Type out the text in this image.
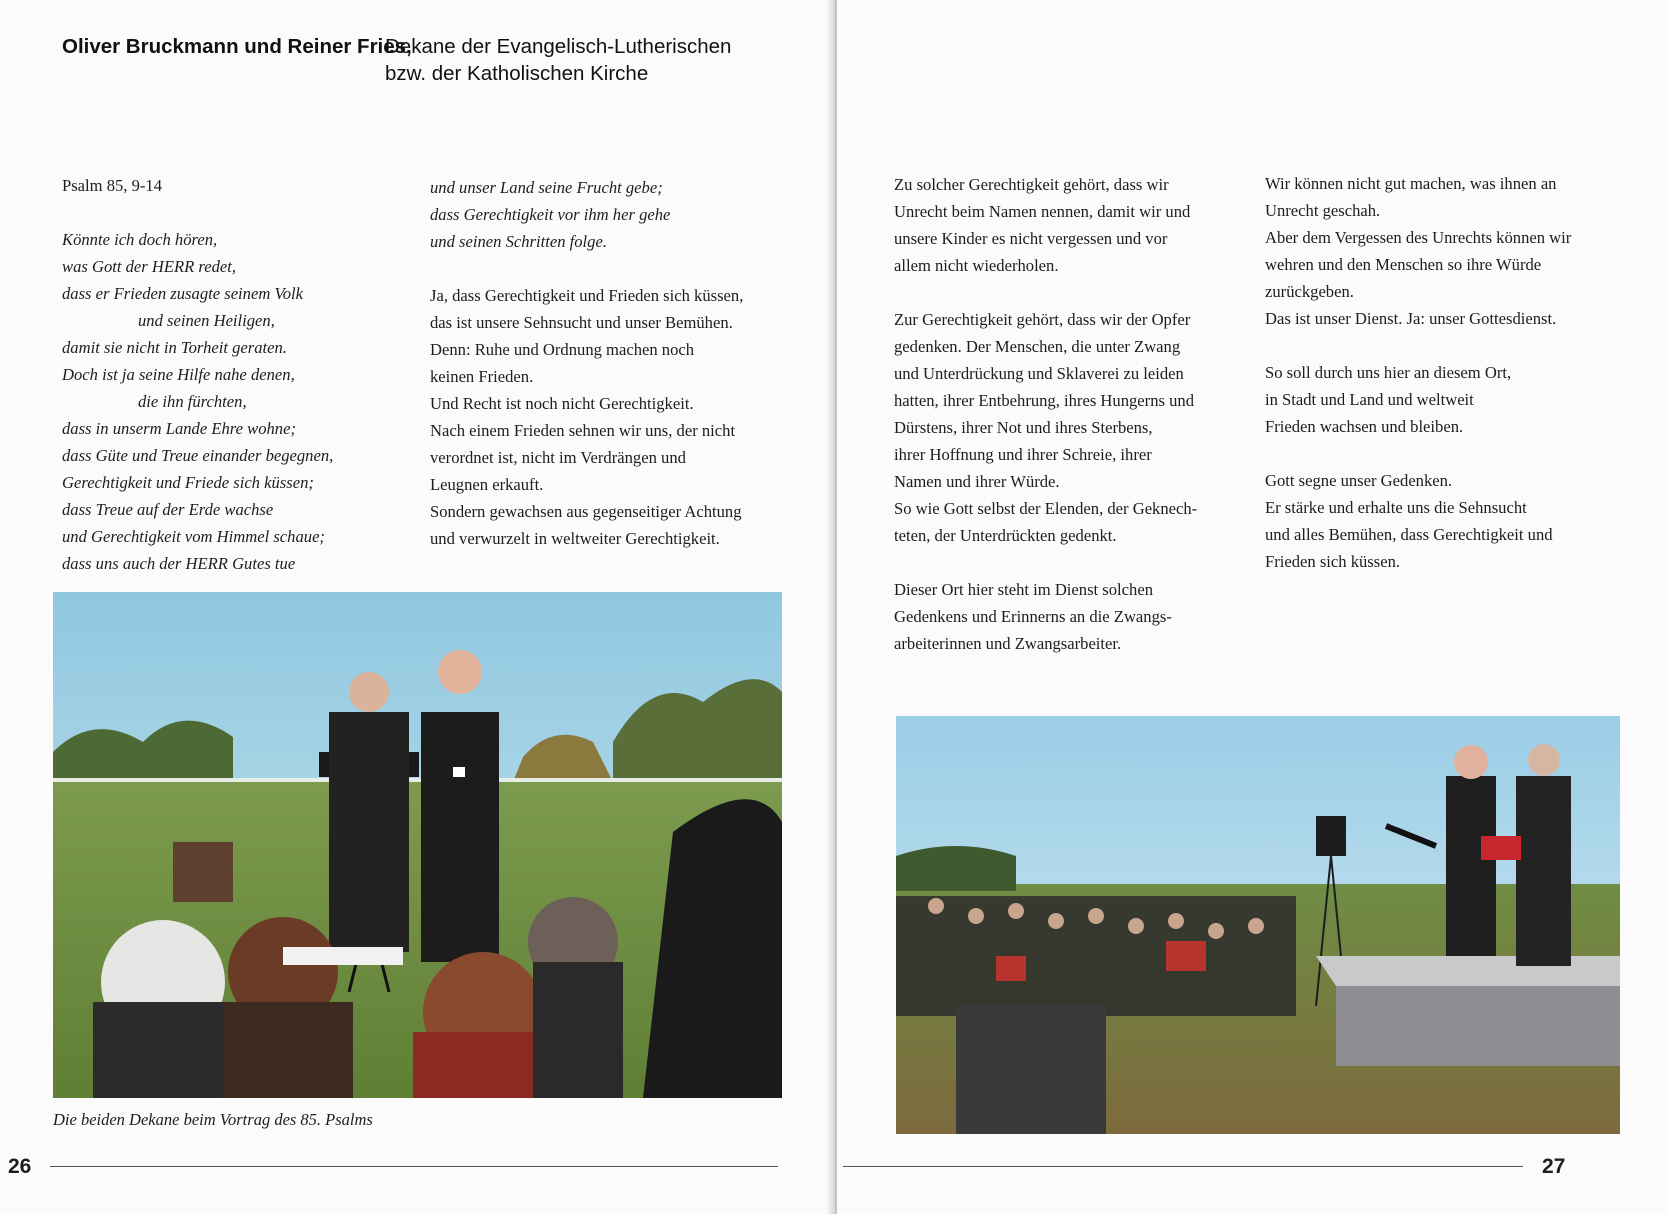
Oliver Bruckmann und Reiner Fries,
Dekane der Evangelisch-Lutherischen
bzw. der Katholischen Kirche
Psalm 85, 9-14
Könnte ich doch hören,
was Gott der HERR redet,
dass er Frieden zusagte seinem Volk
und seinen Heiligen,
damit sie nicht in Torheit geraten.
Doch ist ja seine Hilfe nahe denen,
die ihn fürchten,
dass in unserm Lande Ehre wohne;
dass Güte und Treue einander begegnen,
Gerechtigkeit und Friede sich küssen;
dass Treue auf der Erde wachse
und Gerechtigkeit vom Himmel schaue;
dass uns auch der HERR Gutes tue
und unser Land seine Frucht gebe;
dass Gerechtigkeit vor ihm her gehe
und seinen Schritten folge.
Ja, dass Gerechtigkeit und Frieden sich küssen,
das ist unsere Sehnsucht und unser Bemühen.
Denn: Ruhe und Ordnung machen noch
keinen Frieden.
Und Recht ist noch nicht Gerechtigkeit.
Nach einem Frieden sehnen wir uns, der nicht
verordnet ist, nicht im Verdrängen und
Leugnen erkauft.
Sondern gewachsen aus gegenseitiger Achtung
und verwurzelt in weltweiter Gerechtigkeit.
Die beiden Dekane beim Vortrag des 85. Psalms
26
Zu solcher Gerechtigkeit gehört, dass wir
Unrecht beim Namen nennen, damit wir und
unsere Kinder es nicht vergessen und vor
allem nicht wiederholen.
Zur Gerechtigkeit gehört, dass wir der Opfer
gedenken. Der Menschen, die unter Zwang
und Unterdrückung und Sklaverei zu leiden
hatten, ihrer Entbehrung, ihres Hungerns und
Dürstens, ihrer Not und ihres Sterbens,
ihrer Hoffnung und ihrer Schreie, ihrer
Namen und ihrer Würde.
So wie Gott selbst der Elenden, der Geknech-
teten, der Unterdrückten gedenkt.
Dieser Ort hier steht im Dienst solchen
Gedenkens und Erinnerns an die Zwangs-
arbeiterinnen und Zwangsarbeiter.
Wir können nicht gut machen, was ihnen an
Unrecht geschah.
Aber dem Vergessen des Unrechts können wir
wehren und den Menschen so ihre Würde
zurückgeben.
Das ist unser Dienst. Ja: unser Gottesdienst.
So soll durch uns hier an diesem Ort,
in Stadt und Land und weltweit
Frieden wachsen und bleiben.
Gott segne unser Gedenken.
Er stärke und erhalte uns die Sehnsucht
und alles Bemühen, dass Gerechtigkeit und
Frieden sich küssen.
27
